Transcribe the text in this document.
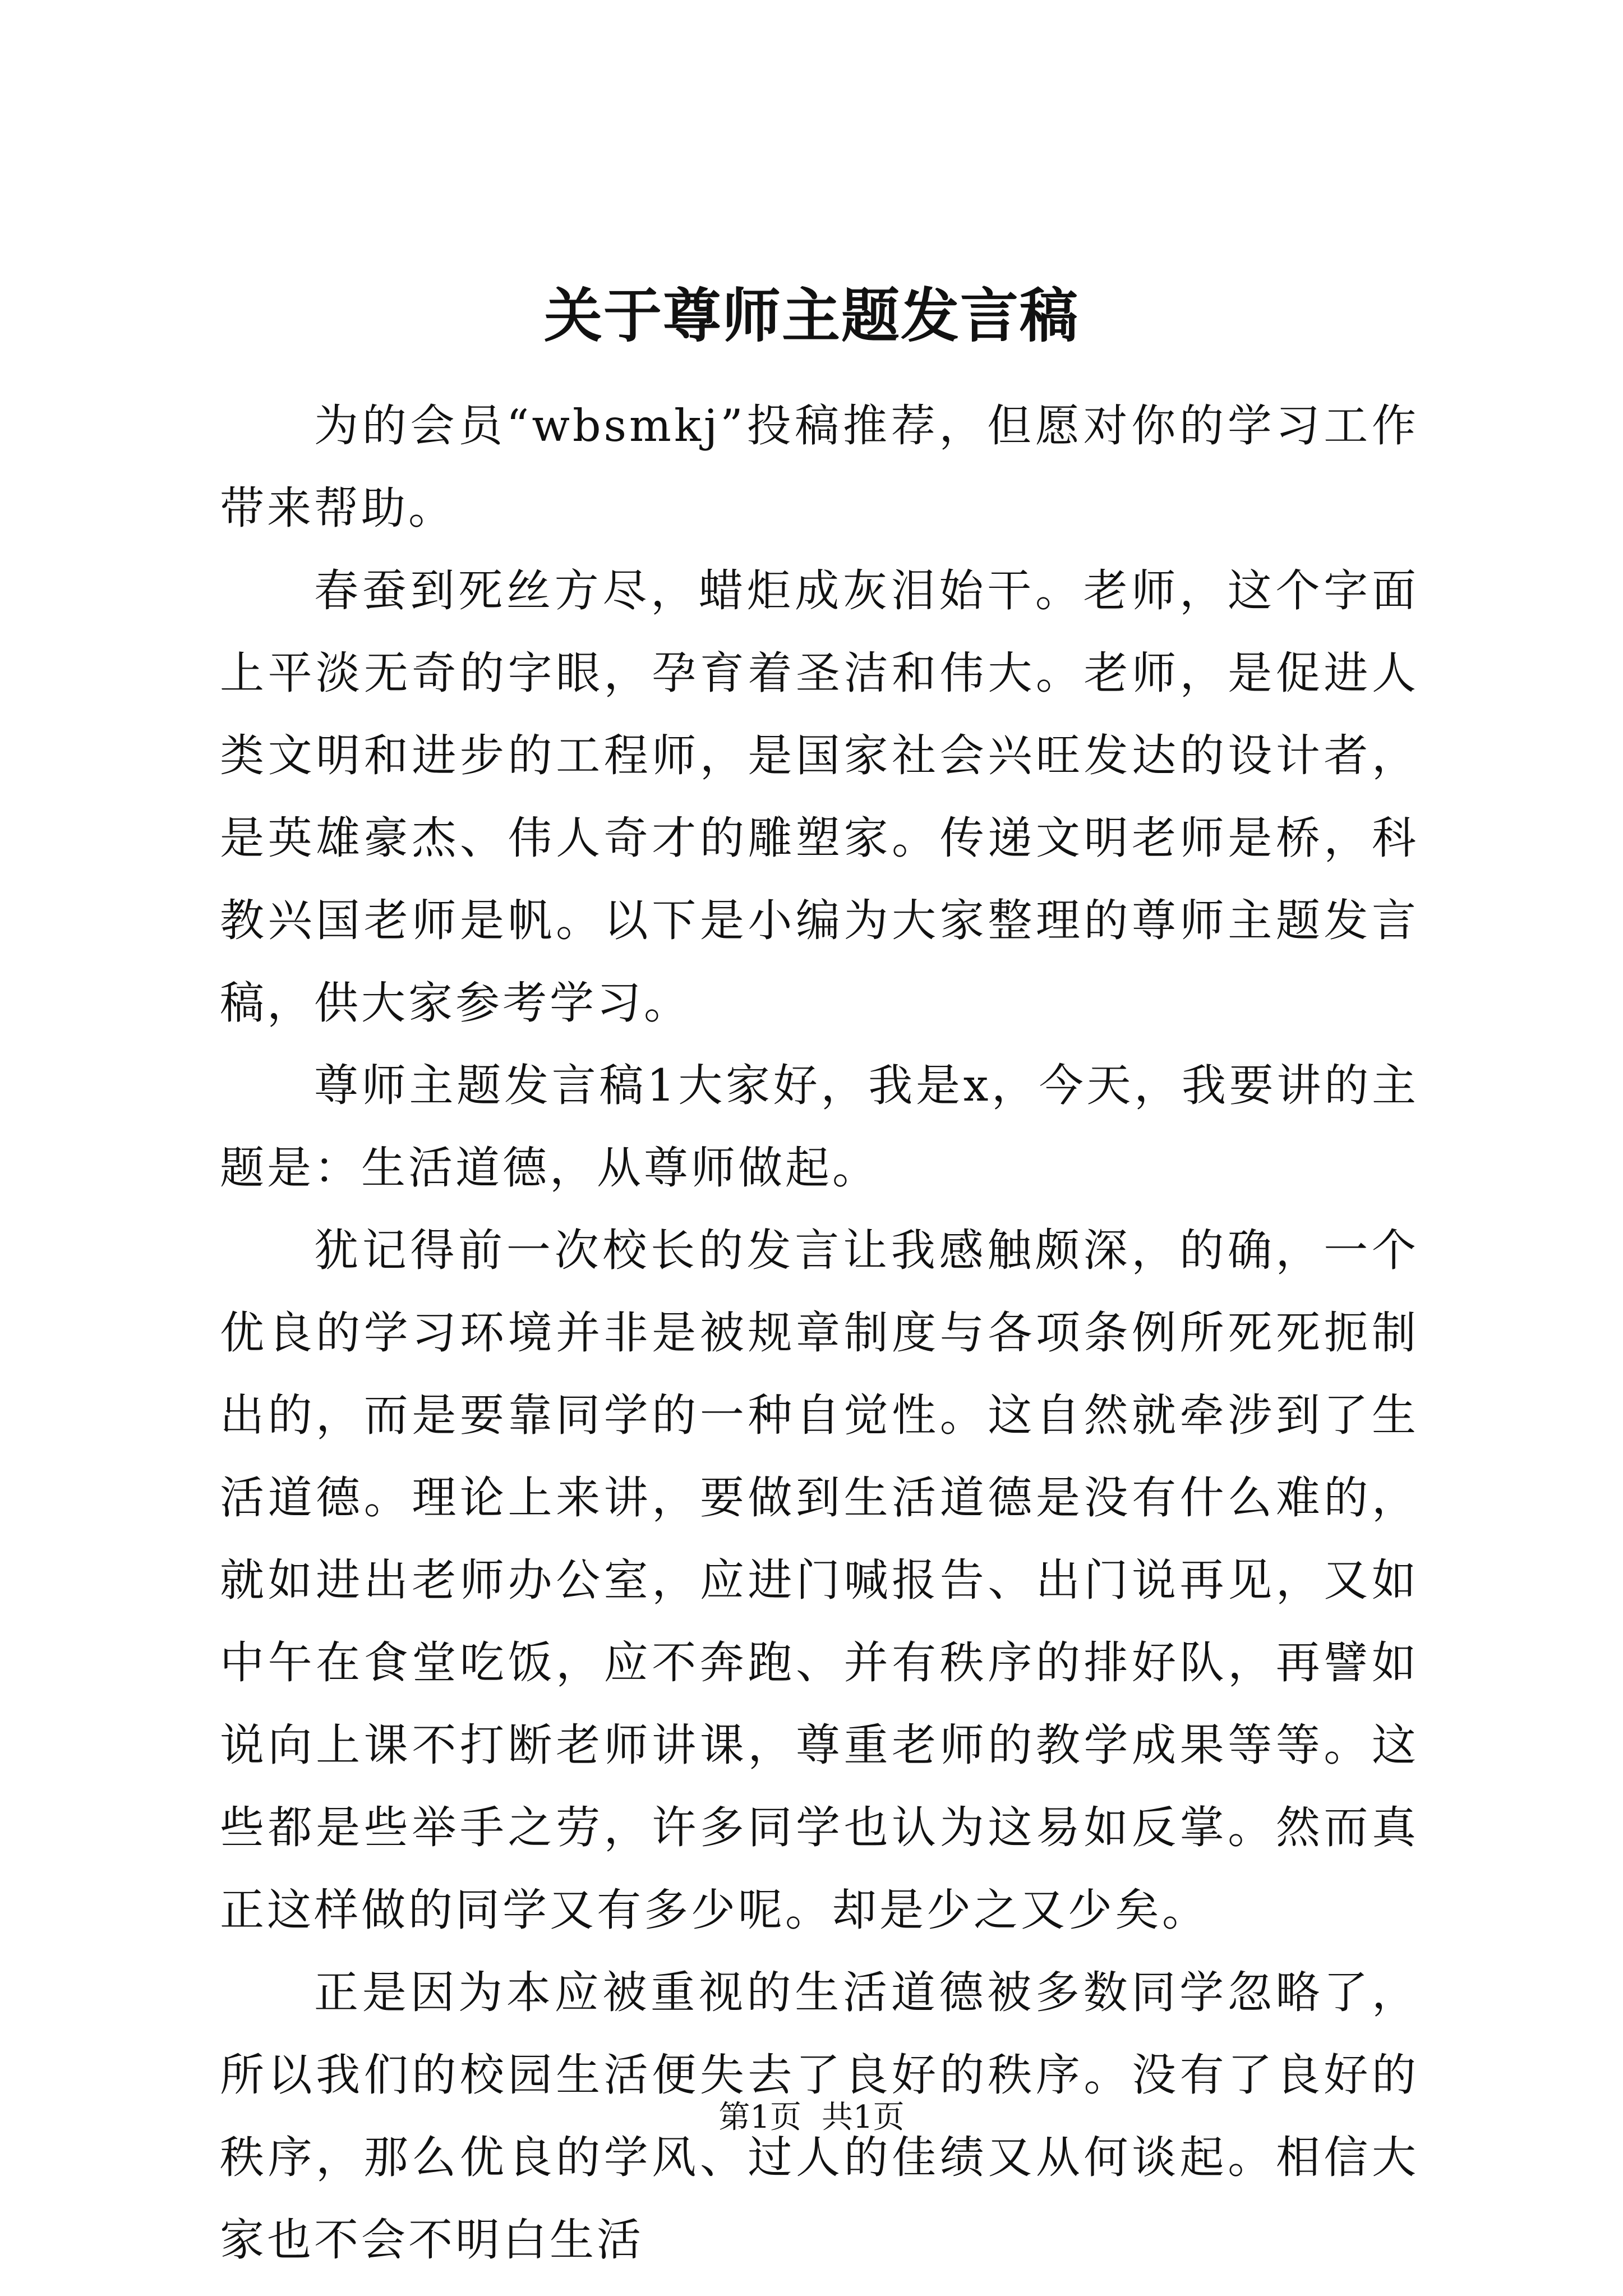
关于尊师主题发言稿

为的会员“wbsmkj”投稿推荐，但愿对你的学习工作带来帮助。

春蚕到死丝方尽，蜡炬成灰泪始干。老师，这个字面上平淡无奇的字眼，孕育着圣洁和伟大。老师，是促进人类文明和进步的工程师，是国家社会兴旺发达的设计者，是英雄豪杰、伟人奇才的雕塑家。传递文明老师是桥，科教兴国老师是帆。以下是小编为大家整理的尊师主题发言稿，供大家参考学习。

尊师主题发言稿1大家好，我是x，今天，我要讲的主题是：生活道德，从尊师做起。

犹记得前一次校长的发言让我感触颇深，的确，一个优良的学习环境并非是被规章制度与各项条例所死死扼制出的，而是要靠同学的一种自觉性。这自然就牵涉到了生活道德。理论上来讲，要做到生活道德是没有什么难的，就如进出老师办公室，应进门喊报告、出门说再见，又如中午在食堂吃饭，应不奔跑、并有秩序的排好队，再譬如说向上课不打断老师讲课，尊重老师的教学成果等等。这些都是些举手之劳，许多同学也认为这易如反掌。然而真正这样做的同学又有多少呢。却是少之又少矣。

正是因为本应被重视的生活道德被多数同学忽略了，所以我们的校园生活便失去了良好的秩序。没有了良好的秩序，那么优良的学风、过人的佳绩又从何谈起。相信大家也不会不明白生活

第1页 共1页
